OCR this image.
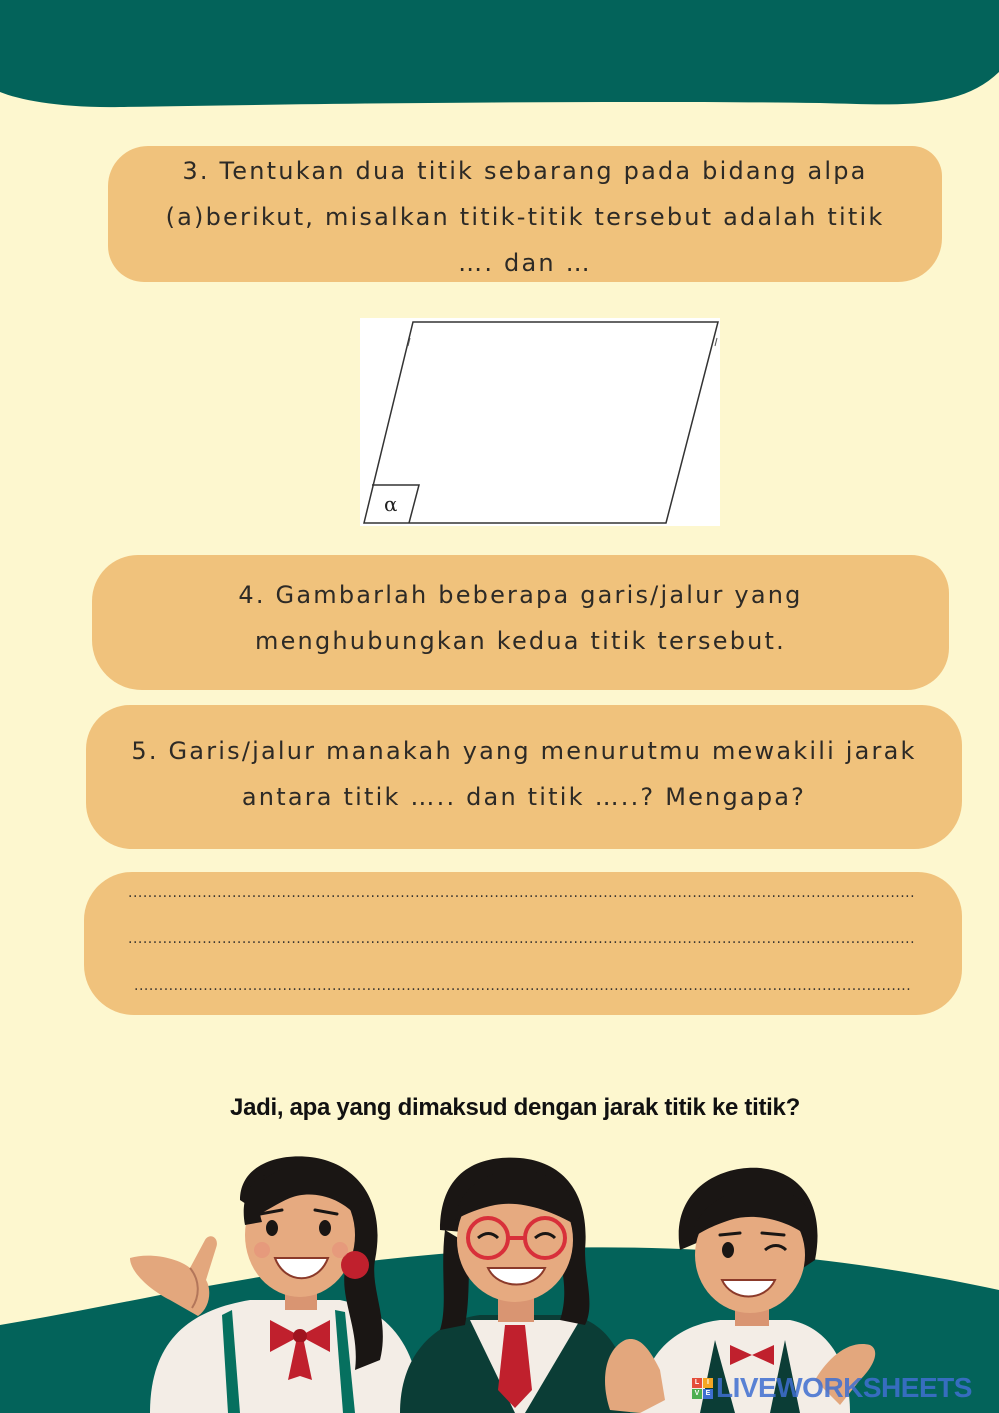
3. Tentukan dua titik sebarang pada bidang alpa
(a)berikut, misalkan titik-titik tersebut adalah titik
…. dan …
α
4. Gambarlah beberapa garis/jalur yang
menghubungkan kedua titik tersebut.
5. Garis/jalur manakah yang menurutmu mewakili jarak
antara titik ….. dan titik …..? Mengapa?
...............................................................................................................................................................
...............................................................................................................................................................
.............................................................................................................................................................
Jadi, apa yang dimaksud dengan jarak titik ke titik?
L	I
V E LIVEWORKSHEETS
